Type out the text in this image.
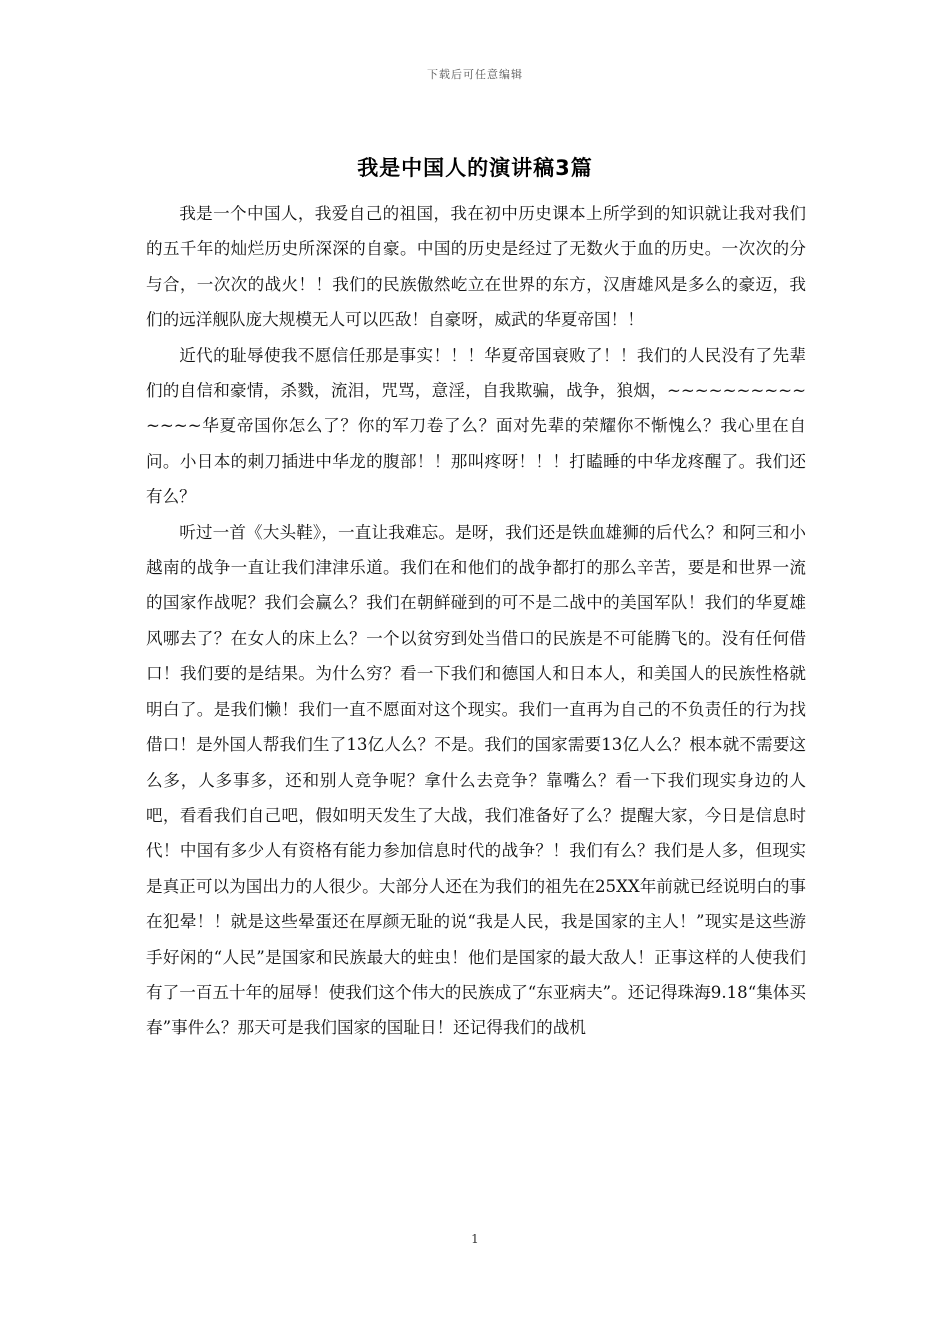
下载后可任意编辑
我是中国人的演讲稿3篇

我是一个中国人，我爱自己的祖国，我在初中历史课本上所学到的知识就让我对我们的五千年的灿烂历史所深深的自豪。中国的历史是经过了无数火于血的历史。一次次的分与合，一次次的战火！！我们的民族傲然屹立在世界的东方，汉唐雄风是多么的豪迈，我们的远洋舰队庞大规模无人可以匹敌！自豪呀，威武的华夏帝国！！

近代的耻辱使我不愿信任那是事实！！！华夏帝国衰败了！！我们的人民没有了先辈们的自信和豪情，杀戮，流泪，咒骂，意淫，自我欺骗，战争，狼烟，~~~~~~~~~~~~~~华夏帝国你怎么了？你的军刀卷了么？面对先辈的荣耀你不惭愧么？我心里在自问。小日本的刺刀插进中华龙的腹部！！那叫疼呀！！！打瞌睡的中华龙疼醒了。我们还有么？

听过一首《大头鞋》，一直让我难忘。是呀，我们还是铁血雄狮的后代么？和阿三和小越南的战争一直让我们津津乐道。我们在和他们的战争都打的那么辛苦，要是和世界一流的国家作战呢？我们会赢么？我们在朝鲜碰到的可不是二战中的美国军队！我们的华夏雄风哪去了？在女人的床上么？一个以贫穷到处当借口的民族是不可能腾飞的。没有任何借口！我们要的是结果。为什么穷？看一下我们和德国人和日本人，和美国人的民族性格就明白了。是我们懒！我们一直不愿面对这个现实。我们一直再为自己的不负责任的行为找借口！是外国人帮我们生了13亿人么？不是。我们的国家需要13亿人么？根本就不需要这么多，人多事多，还和别人竞争呢？拿什么去竞争？靠嘴么？看一下我们现实身边的人吧，看看我们自己吧，假如明天发生了大战，我们准备好了么？提醒大家，今日是信息时代！中国有多少人有资格有能力参加信息时代的战争？！我们有么？我们是人多，但现实是真正可以为国出力的人很少。大部分人还在为我们的祖先在25XX年前就已经说明白的事在犯晕！！就是这些晕蛋还在厚颜无耻的说“我是人民，我是国家的主人！”现实是这些游手好闲的“人民”是国家和民族最大的蛀虫！他们是国家的最大敌人！正事这样的人使我们有了一百五十年的屈辱！使我们这个伟大的民族成了“东亚病夫”。还记得珠海9.18“集体买春”事件么？那天可是我们国家的国耻日！还记得我们的战机

1
